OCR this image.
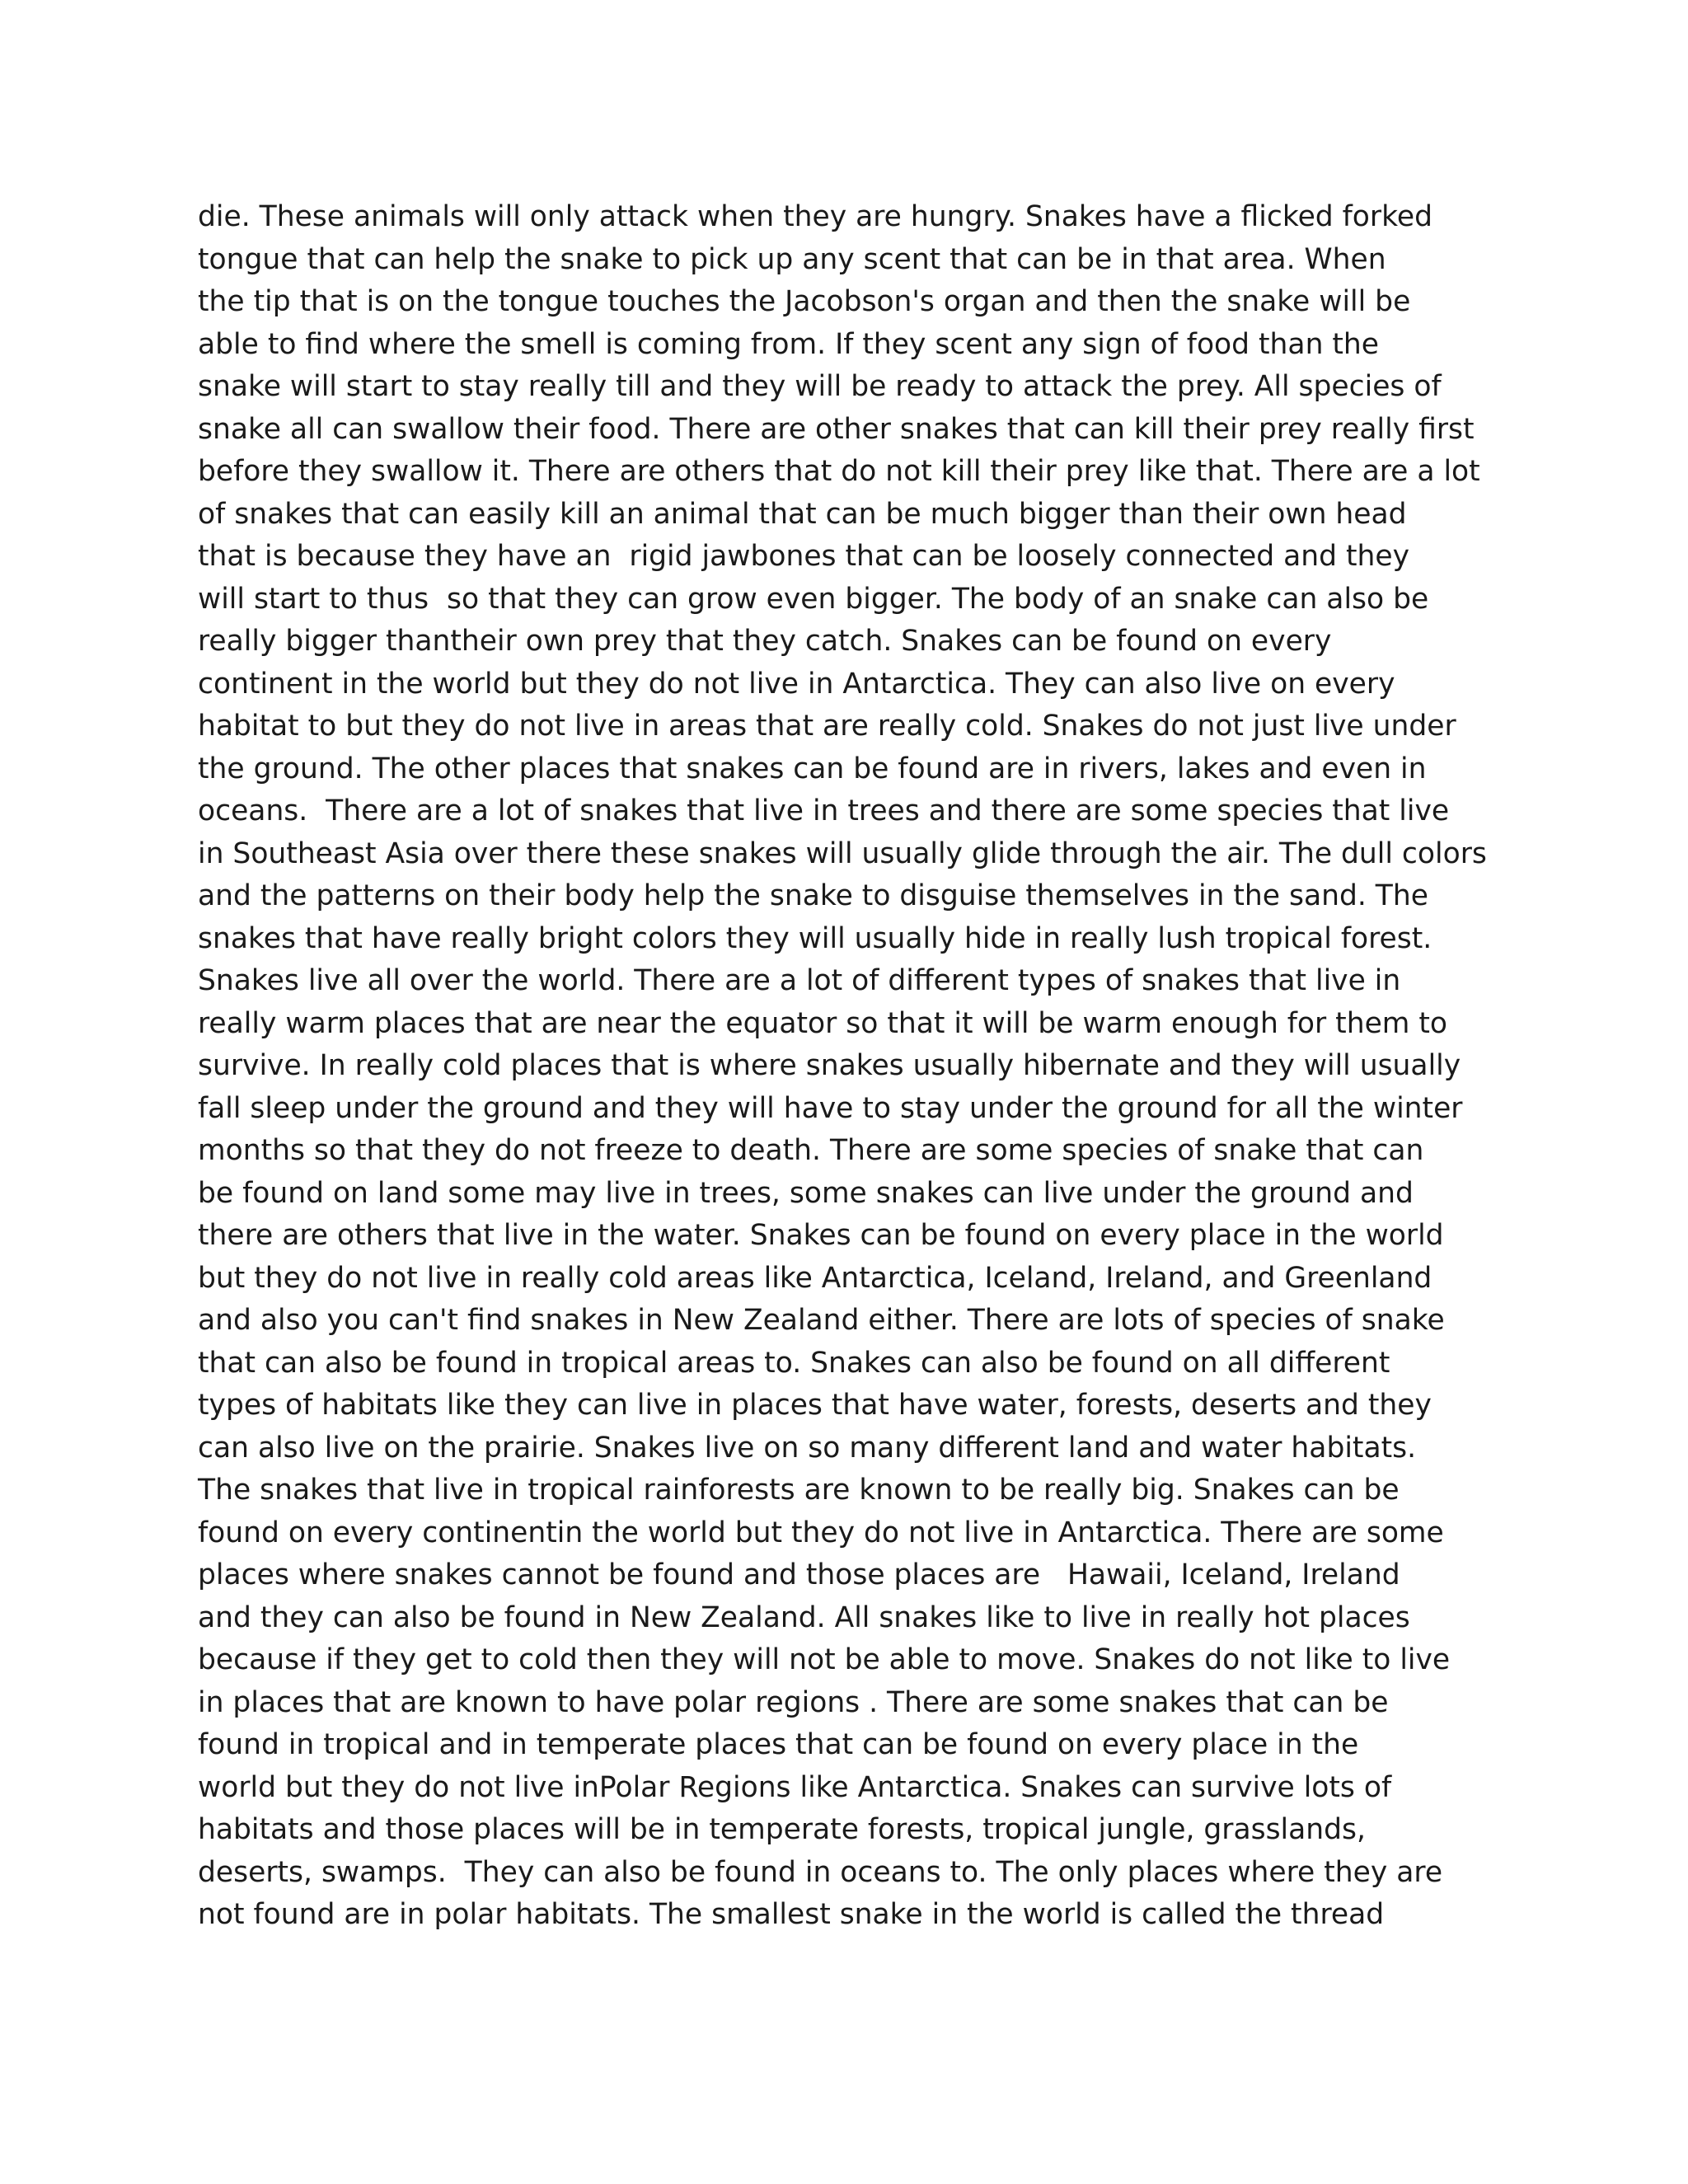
die. These animals will only attack when they are hungry. Snakes have a flicked forked
tongue that can help the snake to pick up any scent that can be in that area. When
the tip that is on the tongue touches the Jacobson's organ and then the snake will be
able to find where the smell is coming from. If they scent any sign of food than the
snake will start to stay really till and they will be ready to attack the prey. All species of
snake all can swallow their food. There are other snakes that can kill their prey really first
before they swallow it. There are others that do not kill their prey like that. There are a lot
of snakes that can easily kill an animal that can be much bigger than their own head
that is because they have an  rigid jawbones that can be loosely connected and they
will start to thus  so that they can grow even bigger. The body of an snake can also be
really bigger thantheir own prey that they catch. Snakes can be found on every
continent in the world but they do not live in Antarctica. They can also live on every
habitat to but they do not live in areas that are really cold. Snakes do not just live under
the ground. The other places that snakes can be found are in rivers, lakes and even in
oceans.  There are a lot of snakes that live in trees and there are some species that live
in Southeast Asia over there these snakes will usually glide through the air. The dull colors
and the patterns on their body help the snake to disguise themselves in the sand. The
snakes that have really bright colors they will usually hide in really lush tropical forest.
Snakes live all over the world. There are a lot of different types of snakes that live in
really warm places that are near the equator so that it will be warm enough for them to
survive. In really cold places that is where snakes usually hibernate and they will usually
fall sleep under the ground and they will have to stay under the ground for all the winter
months so that they do not freeze to death. There are some species of snake that can
be found on land some may live in trees, some snakes can live under the ground and
there are others that live in the water. Snakes can be found on every place in the world
but they do not live in really cold areas like Antarctica, Iceland, Ireland, and Greenland
and also you can't find snakes in New Zealand either. There are lots of species of snake
that can also be found in tropical areas to. Snakes can also be found on all different
types of habitats like they can live in places that have water, forests, deserts and they
can also live on the prairie. Snakes live on so many different land and water habitats.
The snakes that live in tropical rainforests are known to be really big. Snakes can be
found on every continentin the world but they do not live in Antarctica. There are some
places where snakes cannot be found and those places are   Hawaii, Iceland, Ireland
and they can also be found in New Zealand. All snakes like to live in really hot places
because if they get to cold then they will not be able to move. Snakes do not like to live
in places that are known to have polar regions . There are some snakes that can be
found in tropical and in temperate places that can be found on every place in the
world but they do not live inPolar Regions like Antarctica. Snakes can survive lots of
habitats and those places will be in temperate forests, tropical jungle, grasslands,
deserts, swamps.  They can also be found in oceans to. The only places where they are
not found are in polar habitats. The smallest snake in the world is called the thread
